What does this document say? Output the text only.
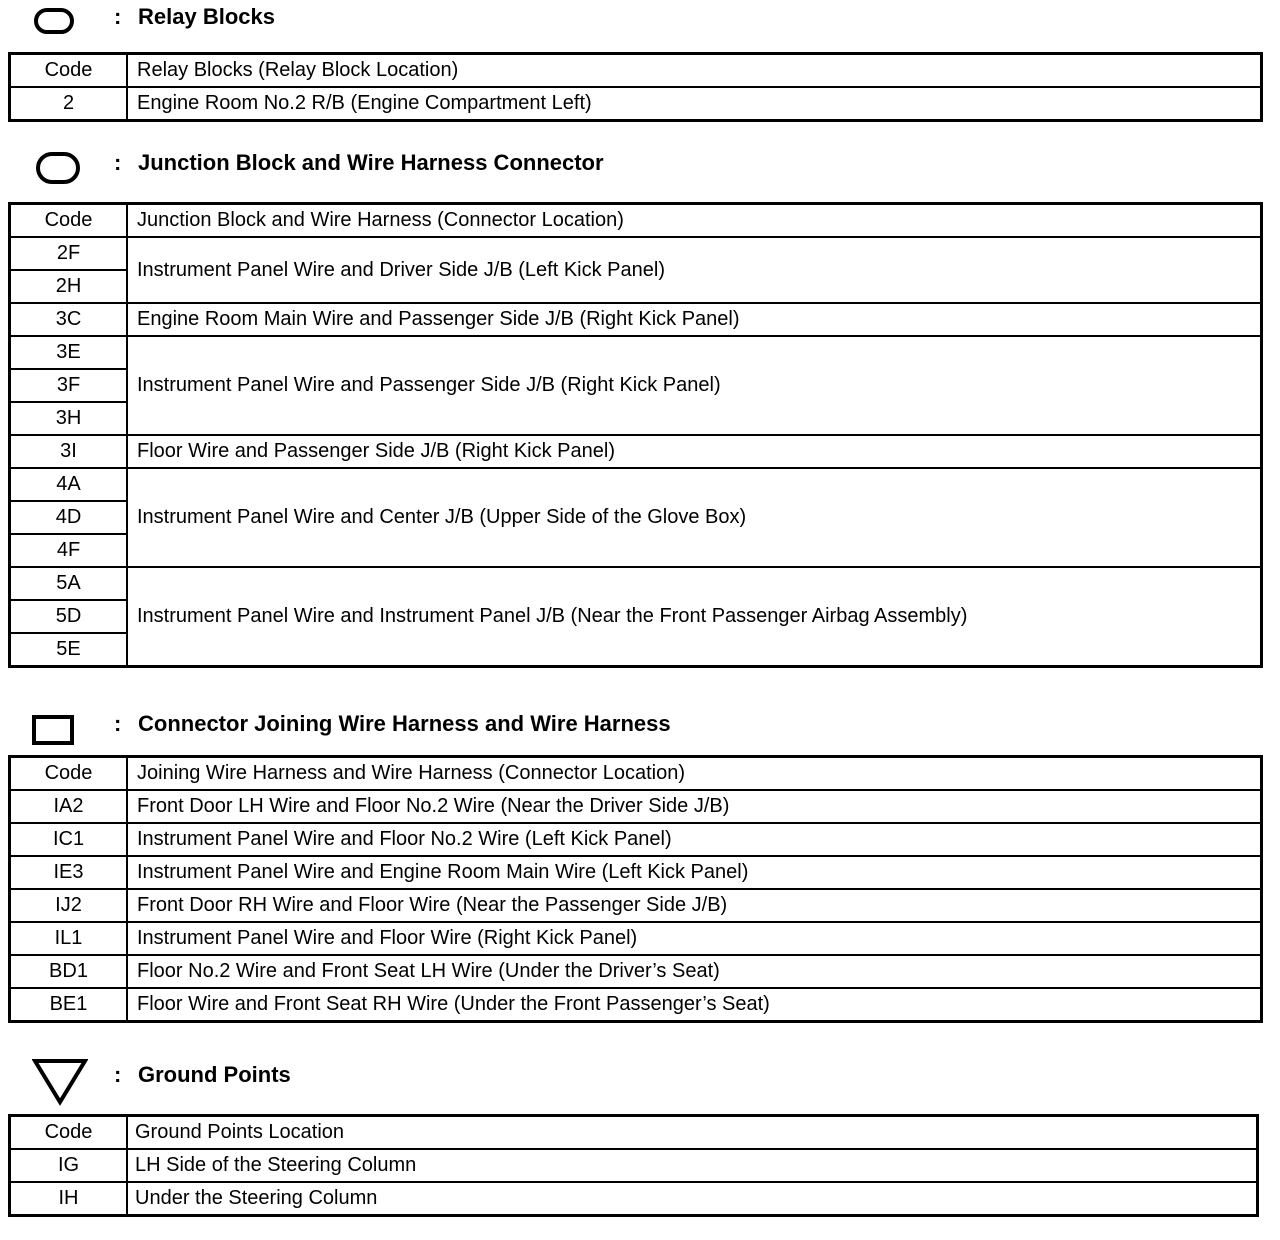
: Relay Blocks
Code	Relay Blocks (Relay Block Location)
2	Engine Room No.2 R/B (Engine Compartment Left)
: Junction Block and Wire Harness Connector
Code	Junction Block and Wire Harness (Connector Location)
2F	Instrument Panel Wire and Driver Side J/B (Left Kick Panel)
2H	
3C	Engine Room Main Wire and Passenger Side J/B (Right Kick Panel)
3E	Instrument Panel Wire and Passenger Side J/B (Right Kick Panel)
3F	
3H	
3I	Floor Wire and Passenger Side J/B (Right Kick Panel)
4A	Instrument Panel Wire and Center J/B (Upper Side of the Glove Box)
4D	
4F	
5A	Instrument Panel Wire and Instrument Panel J/B (Near the Front Passenger Airbag Assembly)
5D	
5E	
: Connector Joining Wire Harness and Wire Harness
Code	Joining Wire Harness and Wire Harness (Connector Location)
IA2	Front Door LH Wire and Floor No.2 Wire (Near the Driver Side J/B)
IC1	Instrument Panel Wire and Floor No.2 Wire (Left Kick Panel)
IE3	Instrument Panel Wire and Engine Room Main Wire (Left Kick Panel)
IJ2	Front Door RH Wire and Floor Wire (Near the Passenger Side J/B)
IL1	Instrument Panel Wire and Floor Wire (Right Kick Panel)
BD1	Floor No.2 Wire and Front Seat LH Wire (Under the Driver’s Seat)
BE1	Floor Wire and Front Seat RH Wire (Under the Front Passenger’s Seat)
: Ground Points
Code	Ground Points Location
IG	LH Side of the Steering Column
IH	Under the Steering Column
